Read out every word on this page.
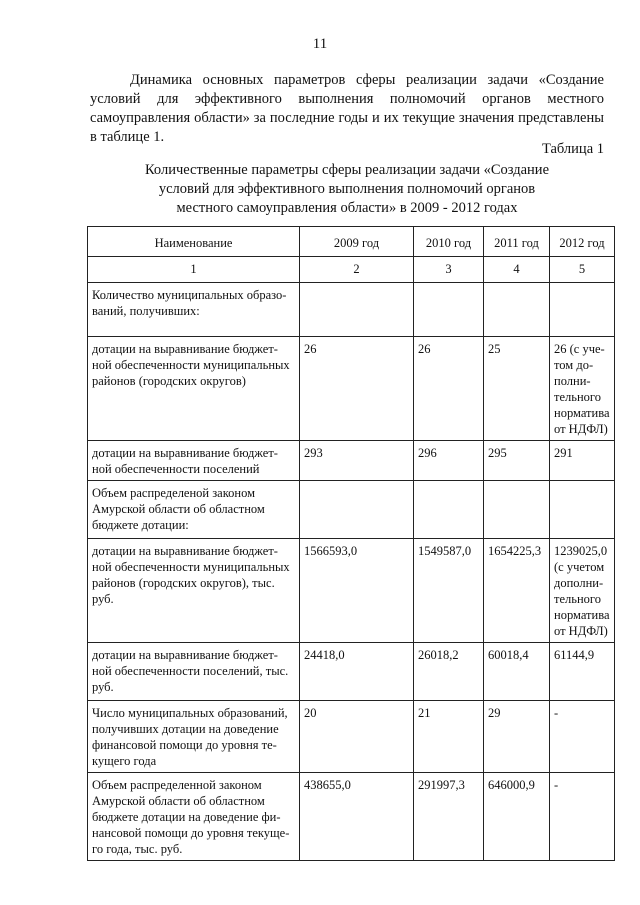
11

Динамика основных параметров сферы реализации задачи «Создание условий для эффективного выполнения полномочий органов местного самоуправления области» за последние годы и их текущие значения представлены в таблице 1.

Таблица 1

Количественные параметры сферы реализации задачи «Создание
условий для эффективного выполнения полномочий органов
местного самоуправления области» в 2009 - 2012 годах

Наименование	2009 год	2010 год	2011 год	2012 год
1	2	3	4	5
Количество муниципальных образо-ваний, получивших:				
дотации на выравнивание бюджет-ной обеспеченности муниципальных районов (городских округов)	26	26	25	26 (с уче-том до-полни-тельного норматива от НДФЛ)
дотации на выравнивание бюджет-ной обеспеченности поселений	293	296	295	291
Объем распределеной законом Амурской области об областном бюджете дотации:				
дотации на выравнивание бюджет-ной обеспеченности муниципальных районов (городских округов), тыс. руб.	1566593,0	1549587,0	1654225,3	1239025,0 (с учетом дополни-тельного норматива от НДФЛ)
дотации на выравнивание бюджет-ной обеспеченности поселений, тыс. руб.	24418,0	26018,2	60018,4	61144,9
Число муниципальных образований, получивших дотации на доведение финансовой помощи до уровня те-кущего года	20	21	29	-
Объем распределенной законом Амурской области об областном бюджете дотации на доведение фи-нансовой помощи до уровня текуще-го года, тыс. руб.	438655,0	291997,3	646000,9	-
